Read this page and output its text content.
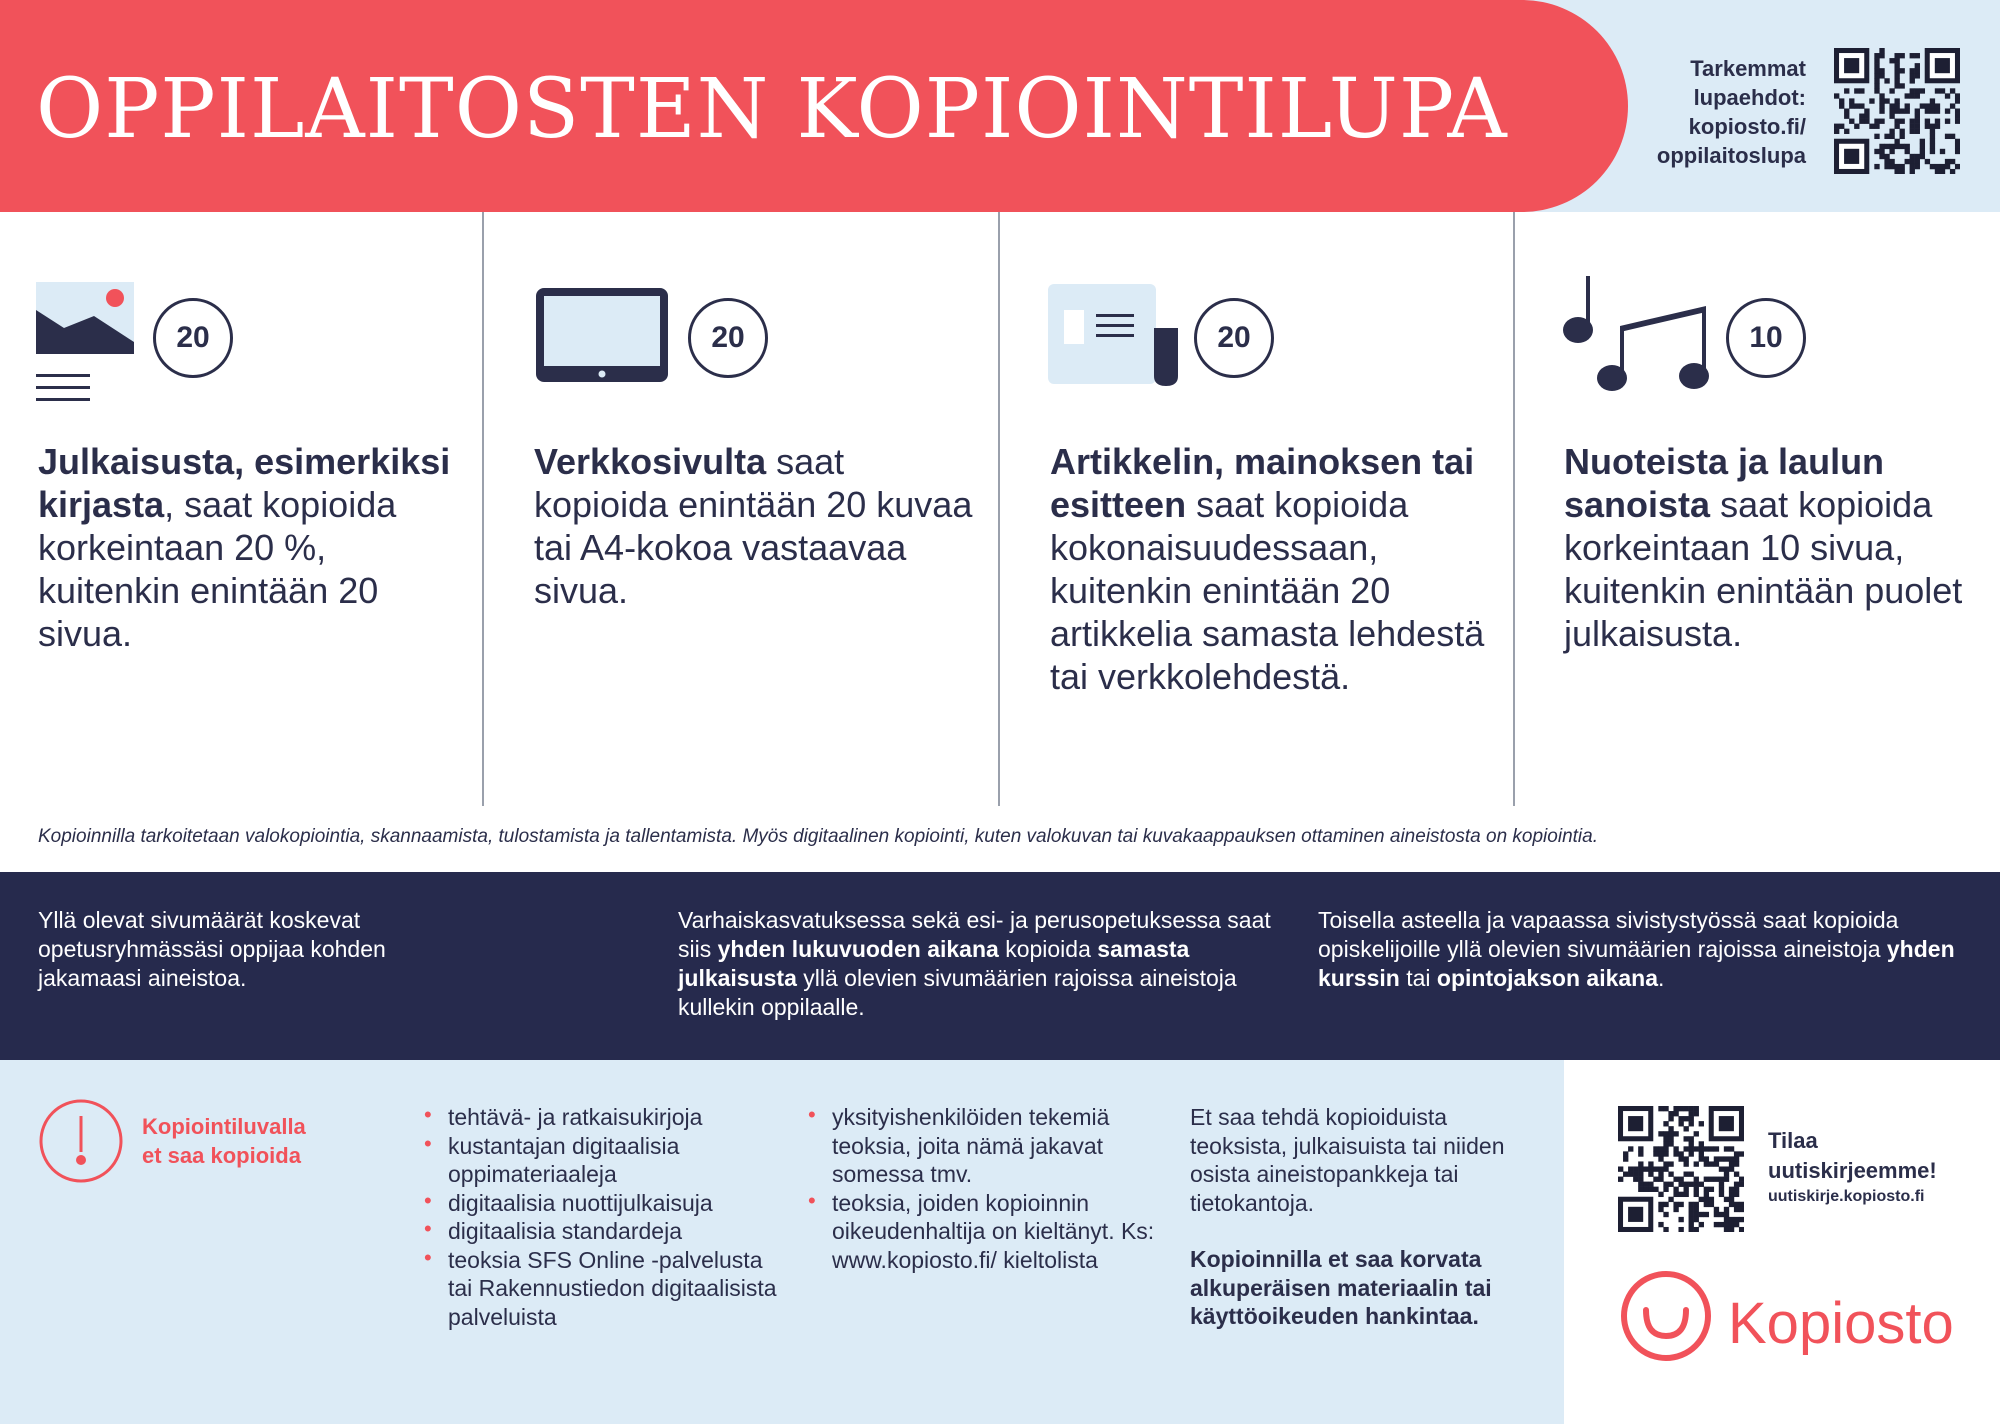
OPPILAITOSTEN KOPIOINTILUPA	Tarkemmat
lupaehdot:
kopiosto.fi/
oppilaitoslupa
20
Julkaisusta, esimerkiksi kirjasta, saat kopioida korkeintaan 20 %, kuitenkin enintään 20 sivua.
20
Verkkosivulta saat kopioida enintään 20 kuvaa tai A4-kokoa vastaavaa sivua.
20
Artikkelin, mainoksen tai esitteen saat kopioida kokonaisuudessaan, kuitenkin enintään 20 artikkelia samasta lehdestä tai verkkolehdestä.
10
Nuoteista ja laulun sanoista saat kopioida korkeintaan 10 sivua, kuitenkin enintään puolet julkaisusta.
Kopioinnilla tarkoitetaan valokopiointia, skannaamista, tulostamista ja tallentamista. Myös digitaalinen kopiointi, kuten valokuvan tai kuvakaappauksen ottaminen aineistosta on kopiointia.
Yllä olevat sivumäärät koskevat opetusryhmässäsi oppijaa kohden jakamaasi aineistoa.
Varhaiskasvatuksessa sekä esi- ja perusopetuksessa saat siis yhden lukuvuoden aikana kopioida samasta julkaisusta yllä olevien sivumäärien rajoissa aineistoja kullekin oppilaalle.
Toisella asteella ja vapaassa sivistystyössä saat kopioida opiskelijoille yllä olevien sivumäärien rajoissa aineistoja yhden kurssin tai opintojakson aikana.
Kopiointiluvalla
et saa kopioida
• tehtävä- ja ratkaisukirjoja
• kustantajan digitaalisia oppimateriaaleja
• digitaalisia nuottijulkaisuja
• digitaalisia standardeja
• teoksia SFS Online -palvelusta tai Rakennustiedon digitaalisista palveluista
• yksityishenkilöiden tekemiä teoksia, joita nämä jakavat somessa tmv.
• teoksia, joiden kopioinnin oikeudenhaltija on kieltänyt. Ks: www.kopiosto.fi/ kieltolista
Et saa tehdä kopioiduista teoksista, julkaisuista tai niiden osista aineistopankkeja tai tietokantoja.
Kopioinnilla et saa korvata alkuperäisen materiaalin tai käyttöoikeuden hankintaa.
Tilaa
uutiskirjeemme!
uutiskirje.kopiosto.fi
Kopiosto
